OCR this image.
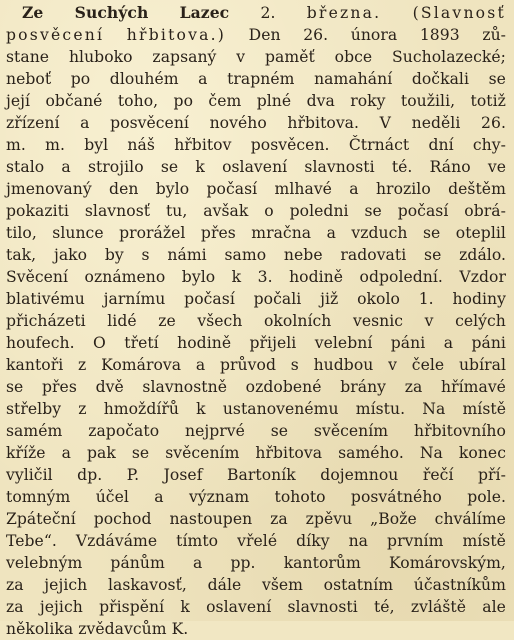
Ze Suchých Lazec 2. března. (Slavnosť
posvěcení hřbitova.) Den 26. února 1893 zů-
stane hluboko zapsaný v paměť obce Sucholazecké;
neboť po dlouhém a trapném namahání dočkali se
její občané toho, po čem plné dva roky toužili, totiž
zřízení a posvěcení nového hřbitova. V neděli 26.
m. m. byl náš hřbitov posvěcen. Čtrnáct dní chy-
stalo a strojilo se k oslavení slavnosti té. Ráno ve
jmenovaný den bylo počasí mlhavé a hrozilo deštěm
pokaziti slavnosť tu, avšak o poledni se počasí obrá-
tilo, slunce prorážel přes mračna a vzduch se oteplil
tak, jako by s námi samo nebe radovati se zdálo.
Svěcení oznámeno bylo k 3. hodině odpolední. Vzdor
blativému jarnímu počasí počali již okolo 1. hodiny
přicházeti lidé ze všech okolních vesnic v celých
houfech. O třetí hodině přijeli velební páni a páni
kantoři z Komárova a průvod s hudbou v čele ubíral
se přes dvě slavnostně ozdobené brány za hřímavé
střelby z hmoždířů k ustanovenému místu. Na místě
samém započato nejprvé se svěcením hřbitovního
kříže a pak se svěcením hřbitova samého. Na konec
vyličil dp. P. Josef Bartoník dojemnou řečí pří-
tomným účel a význam tohoto posvátného pole.
Zpáteční pochod nastoupen za zpěvu „Bože chválíme
Tebe“. Vzdáváme tímto vřelé díky na prvním místě
velebným pánům a pp. kantorům Komárovským,
za jejich laskavosť, dále všem ostatním účastníkům
za jejich přispění k oslavení slavnosti té, zvláště ale
několika zvědavcům K.
